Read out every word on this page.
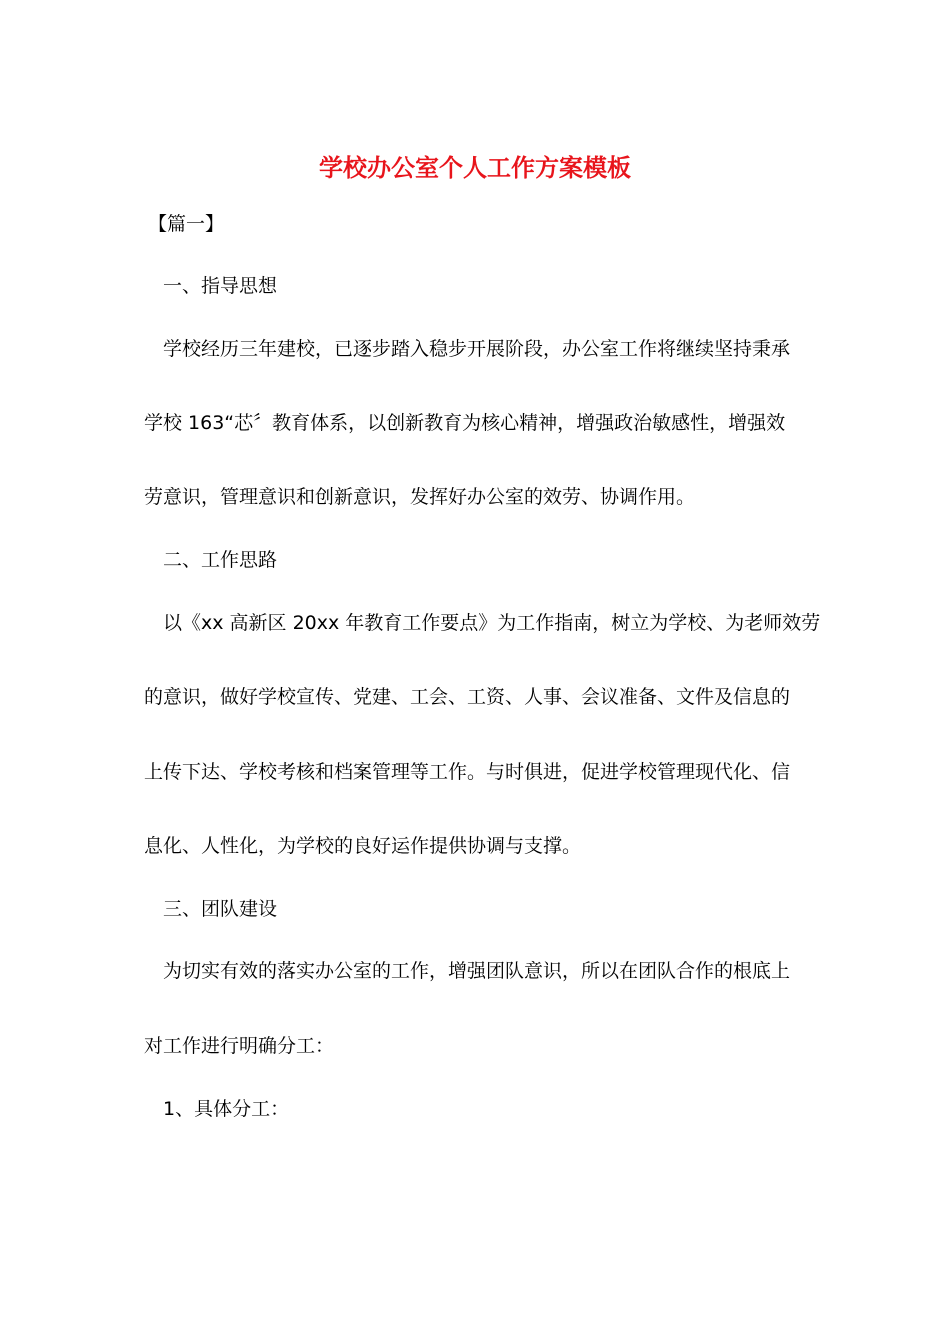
学校办公室个人工作方案模板
【篇一】
一、指导思想
学校经历三年建校，已逐步踏入稳步开展阶段，办公室工作将继续坚持秉承
学校 163“芯〞教育体系，以创新教育为核心精神，增强政治敏感性，增强效
劳意识，管理意识和创新意识，发挥好办公室的效劳、协调作用。
二、工作思路
以《xx 高新区 20xx 年教育工作要点》为工作指南，树立为学校、为老师效劳
的意识，做好学校宣传、党建、工会、工资、人事、会议准备、文件及信息的
上传下达、学校考核和档案管理等工作。与时俱进，促进学校管理现代化、信
息化、人性化，为学校的良好运作提供协调与支撑。
三、团队建设
为切实有效的落实办公室的工作，增强团队意识，所以在团队合作的根底上
对工作进行明确分工：
1、具体分工：
